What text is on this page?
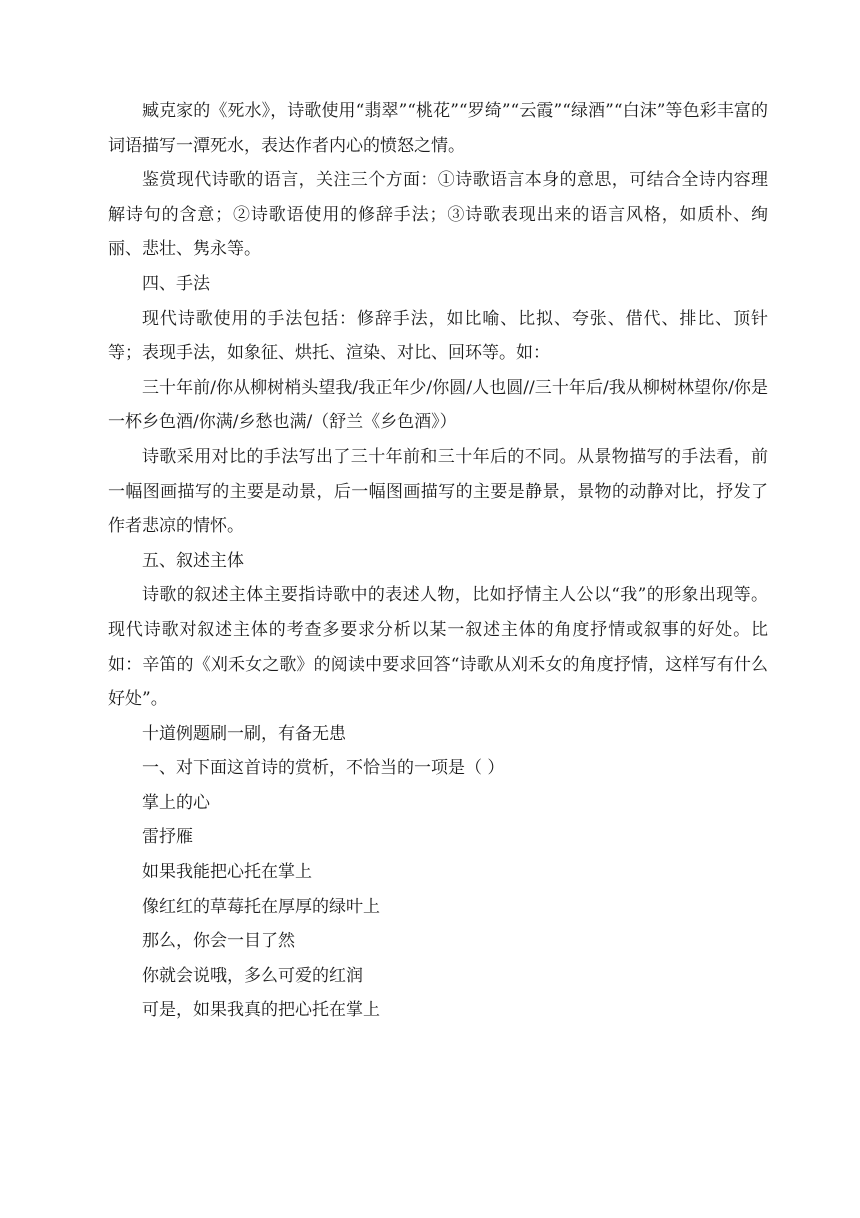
臧克家的《死水》，诗歌使用“翡翠”“桃花”“罗绮”“云霞”“绿酒”“白沫”等色彩丰富的词语描写一潭死水，表达作者内心的愤怒之情。

鉴赏现代诗歌的语言，关注三个方面：①诗歌语言本身的意思，可结合全诗内容理解诗句的含意；②诗歌语使用的修辞手法；③诗歌表现出来的语言风格，如质朴、绚丽、悲壮、隽永等。

四、手法

现代诗歌使用的手法包括：修辞手法，如比喻、比拟、夸张、借代、排比、顶针等；表现手法，如象征、烘托、渲染、对比、回环等。如：

三十年前/你从柳树梢头望我/我正年少/你圆/人也圆//三十年后/我从柳树林望你/你是一杯乡色酒/你满/乡愁也满/（舒兰《乡色酒》）

诗歌采用对比的手法写出了三十年前和三十年后的不同。从景物描写的手法看，前一幅图画描写的主要是动景，后一幅图画描写的主要是静景，景物的动静对比，抒发了作者悲凉的情怀。

五、叙述主体

诗歌的叙述主体主要指诗歌中的表述人物，比如抒情主人公以“我”的形象出现等。现代诗歌对叙述主体的考查多要求分析以某一叙述主体的角度抒情或叙事的好处。比如：辛笛的《刈禾女之歌》的阅读中要求回答“诗歌从刈禾女的角度抒情，这样写有什么好处”。

十道例题刷一刷，有备无患

一、对下面这首诗的赏析，不恰当的一项是（ ）

掌上的心

雷抒雁

如果我能把心托在掌上

像红红的草莓托在厚厚的绿叶上

那么，你会一目了然

你就会说哦，多么可爱的红润

可是，如果我真的把心托在掌上
